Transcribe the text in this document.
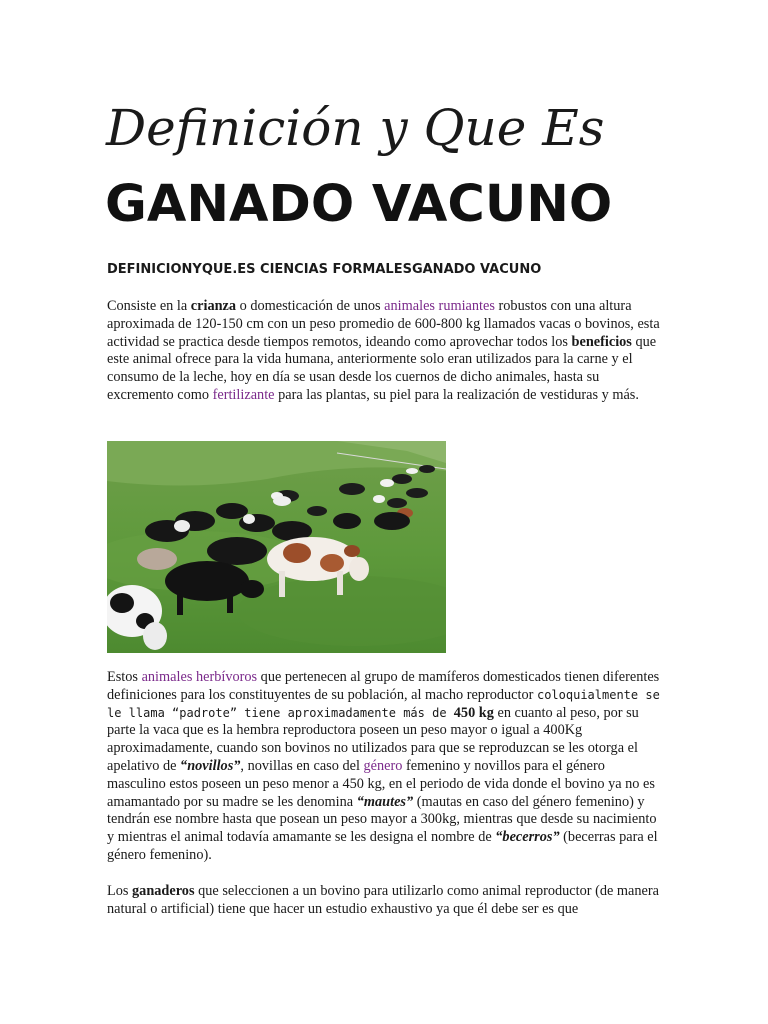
Definición y Que Es
GANADO VACUNO

DEFINICIONYQUE.ES CIENCIAS FORMALESGANADO VACUNO

Consiste en la crianza o domesticación de unos animales rumiantes robustos con una altura aproximada de 120-150 cm con un peso promedio de 600-800 kg llamados vacas o bovinos, esta actividad se practica desde tiempos remotos, ideando como aprovechar todos los beneficios que este animal ofrece para la vida humana, anteriormente solo eran utilizados para la carne y el consumo de la leche, hoy en día se usan desde los cuernos de dicho animales, hasta su excremento como fertilizante para las plantas, su piel para la realización de vestiduras y más.

Estos animales herbívoros que pertenecen al grupo de mamíferos domesticados tienen diferentes definiciones para los constituyentes de su población, al macho reproductor coloquialmente se le llama “padrote” tiene aproximadamente más de 450 kg en cuanto al peso, por su parte la vaca que es la hembra reproductora poseen un peso mayor o igual a 400Kg aproximadamente, cuando son bovinos no utilizados para que se reproduzcan se les otorga el apelativo de “novillos”, novillas en caso del género femenino y novillos para el género masculino estos poseen un peso menor a 450 kg, en el periodo de vida donde el bovino ya no es amamantado por su madre se les denomina “mautes” (mautas en caso del género femenino) y tendrán ese nombre hasta que posean un peso mayor a 300kg, mientras que desde su nacimiento y mientras el animal todavía amamante se les designa el nombre de “becerros” (becerras para el género femenino).

Los ganaderos que seleccionen a un bovino para utilizarlo como animal reproductor (de manera natural o artificial) tiene que hacer un estudio exhaustivo ya que él debe ser es que
